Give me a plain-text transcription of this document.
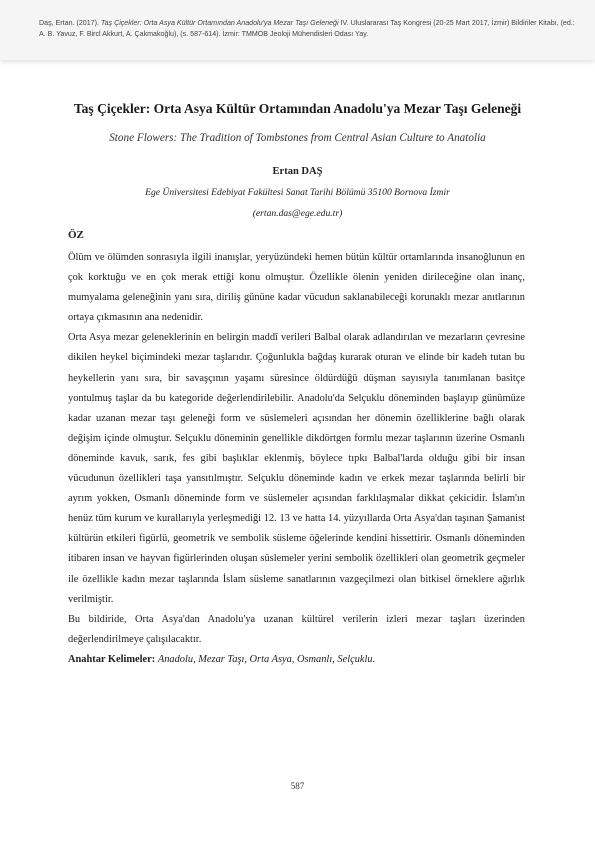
Daş, Ertan. (2017). Taş Çiçekler: Orta Asya Kültür Ortamından Anadolu'ya Mezar Taşı Geleneği IV. Uluslararası Taş Kongresi (20-25 Mart 2017, İzmir) Bildiriler Kitabı, (ed.: A. B. Yavuz, F. Bircl Akkurt, A. Çakmakoğlu), (s. 587-614). İzmir: TMMOB Jeoloji Mühendisleri Odası Yay.
Taş Çiçekler: Orta Asya Kültür Ortamından Anadolu'ya Mezar Taşı Geleneği
Stone Flowers: The Tradition of Tombstones from Central Asian Culture to Anatolia
Ertan DAŞ
Ege Üniversitesi Edebiyat Fakültesi Sanat Tarihi Bölümü 35100 Bornova İzmir
(ertan.das@ege.edu.tr)
ÖZ

Ölüm ve ölümden sonrasıyla ilgili inanışlar, yeryüzündeki hemen bütün kültür ortamlarında insanoğlunun en çok korktuğu ve en çok merak ettiği konu olmuştur. Özellikle ölenin yeniden dirileceğine olan inanç, mumyalama geleneğinin yanı sıra, diriliş gününe kadar vücudun saklanabileceği korunaklı mezar anıtlarının ortaya çıkmasının ana nedenidir.

Orta Asya mezar geleneklerinin en belirgin maddî verileri Balbal olarak adlandırılan ve mezarların çevresine dikilen heykel biçimindeki mezar taşlarıdır. Çoğunlukla bağdaş kurarak oturan ve elinde bir kadeh tutan bu heykellerin yanı sıra, bir savaşçının yaşamı süresince öldürdüğü düşman sayısıyla tanımlanan basitçe yontulmuş taşlar da bu kategoride değerlendirilebilir. Anadolu'da Selçuklu döneminden başlayıp günümüze kadar uzanan mezar taşı geleneği form ve süslemeleri açısından her dönemin özelliklerine bağlı olarak değişim içinde olmuştur. Selçuklu döneminin genellikle dikdörtgen formlu mezar taşlarının üzerine Osmanlı döneminde kavuk, sarık, fes gibi başlıklar eklenmiş, böylece tıpkı Balbal'larda olduğu gibi bir insan vücudunun özellikleri taşa yansıtılmıştır. Selçuklu döneminde kadın ve erkek mezar taşlarında belirli bir ayrım yokken, Osmanlı döneminde form ve süslemeler açısından farklılaşmalar dikkat çekicidir. İslam'ın henüz tüm kurum ve kurallarıyla yerleşmediği 12. 13 ve hatta 14. yüzyıllarda Orta Asya'dan taşınan Şamanist kültürün etkileri figürlü, geometrik ve sembolik süsleme öğelerinde kendini hissettirir. Osmanlı döneminden itibaren insan ve hayvan figürlerinden oluşan süslemeler yerini sembolik özellikleri olan geometrik geçmeler ile özellikle kadın mezar taşlarında İslam süsleme sanatlarının vazgeçilmezi olan bitkisel örneklere ağırlık verilmiştir.

Bu bildiride, Orta Asya'dan Anadolu'ya uzanan kültürel verilerin izleri mezar taşları üzerinden değerlendirilmeye çalışılacaktır.

Anahtar Kelimeler: Anadolu, Mezar Taşı, Orta Asya, Osmanlı, Selçuklu.

587
